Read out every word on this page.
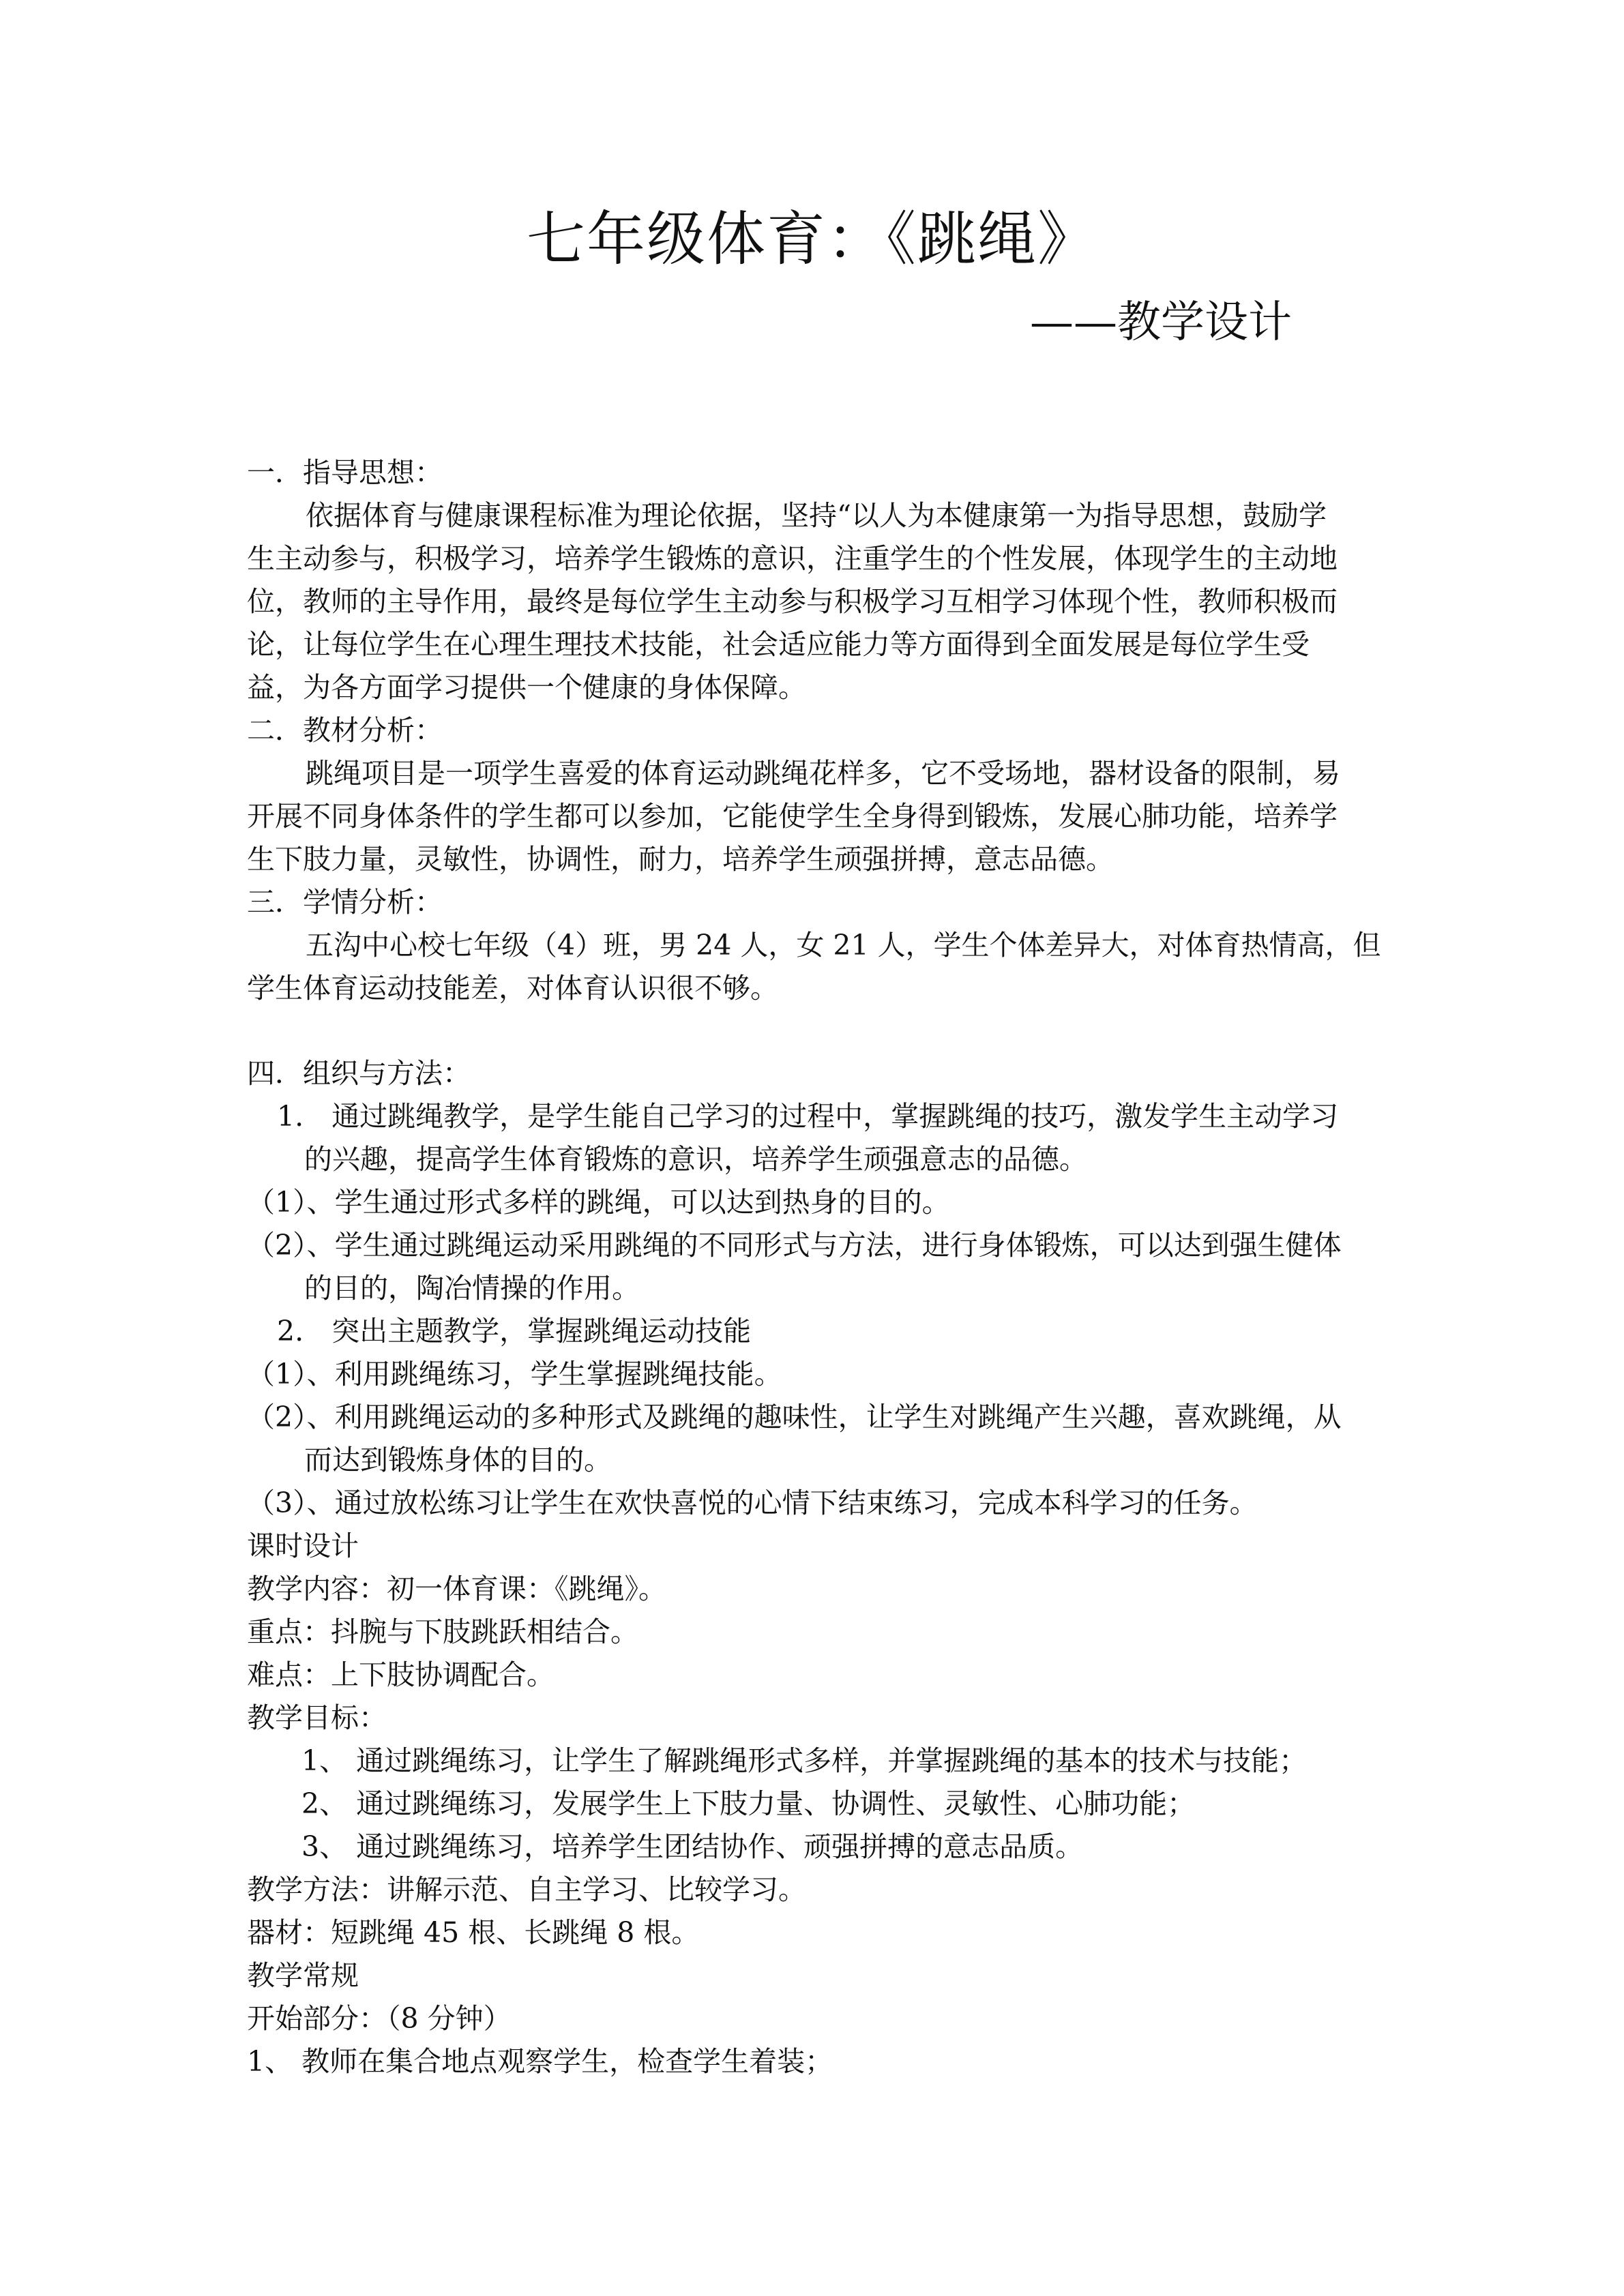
七年级体育：《跳绳》
——教学设计
一．指导思想：
依据体育与健康课程标准为理论依据，坚持“以人为本健康第一为指导思想，鼓励学
生主动参与，积极学习，培养学生锻炼的意识，注重学生的个性发展，体现学生的主动地
位，教师的主导作用，最终是每位学生主动参与积极学习互相学习体现个性，教师积极而
论，让每位学生在心理生理技术技能，社会适应能力等方面得到全面发展是每位学生受
益，为各方面学习提供一个健康的身体保障。
二．教材分析：
跳绳项目是一项学生喜爱的体育运动跳绳花样多，它不受场地，器材设备的限制，易
开展不同身体条件的学生都可以参加，它能使学生全身得到锻炼，发展心肺功能，培养学
生下肢力量，灵敏性，协调性，耐力，培养学生顽强拼搏，意志品德。
三．学情分析：
五沟中心校七年级（4）班，男 24 人，女 21 人，学生个体差异大，对体育热情高，但
学生体育运动技能差，对体育认识很不够。
四．组织与方法：
1.　通过跳绳教学，是学生能自己学习的过程中，掌握跳绳的技巧，激发学生主动学习
的兴趣，提高学生体育锻炼的意识，培养学生顽强意志的品德。
（1）、学生通过形式多样的跳绳，可以达到热身的目的。
（2）、学生通过跳绳运动采用跳绳的不同形式与方法，进行身体锻炼，可以达到强生健体
的目的，陶冶情操的作用。
2.　突出主题教学，掌握跳绳运动技能
（1）、利用跳绳练习，学生掌握跳绳技能。
（2）、利用跳绳运动的多种形式及跳绳的趣味性，让学生对跳绳产生兴趣，喜欢跳绳，从
而达到锻炼身体的目的。
（3）、通过放松练习让学生在欢快喜悦的心情下结束练习，完成本科学习的任务。
课时设计
教学内容：初一体育课：《跳绳》。
重点：抖腕与下肢跳跃相结合。
难点：上下肢协调配合。
教学目标：
1、 通过跳绳练习，让学生了解跳绳形式多样，并掌握跳绳的基本的技术与技能；
2、 通过跳绳练习，发展学生上下肢力量、协调性、灵敏性、心肺功能；
3、 通过跳绳练习，培养学生团结协作、顽强拼搏的意志品质。
教学方法：讲解示范、自主学习、比较学习。
器材：短跳绳 45 根、长跳绳 8 根。
教学常规
开始部分：（8 分钟）
1、 教师在集合地点观察学生，检查学生着装；
